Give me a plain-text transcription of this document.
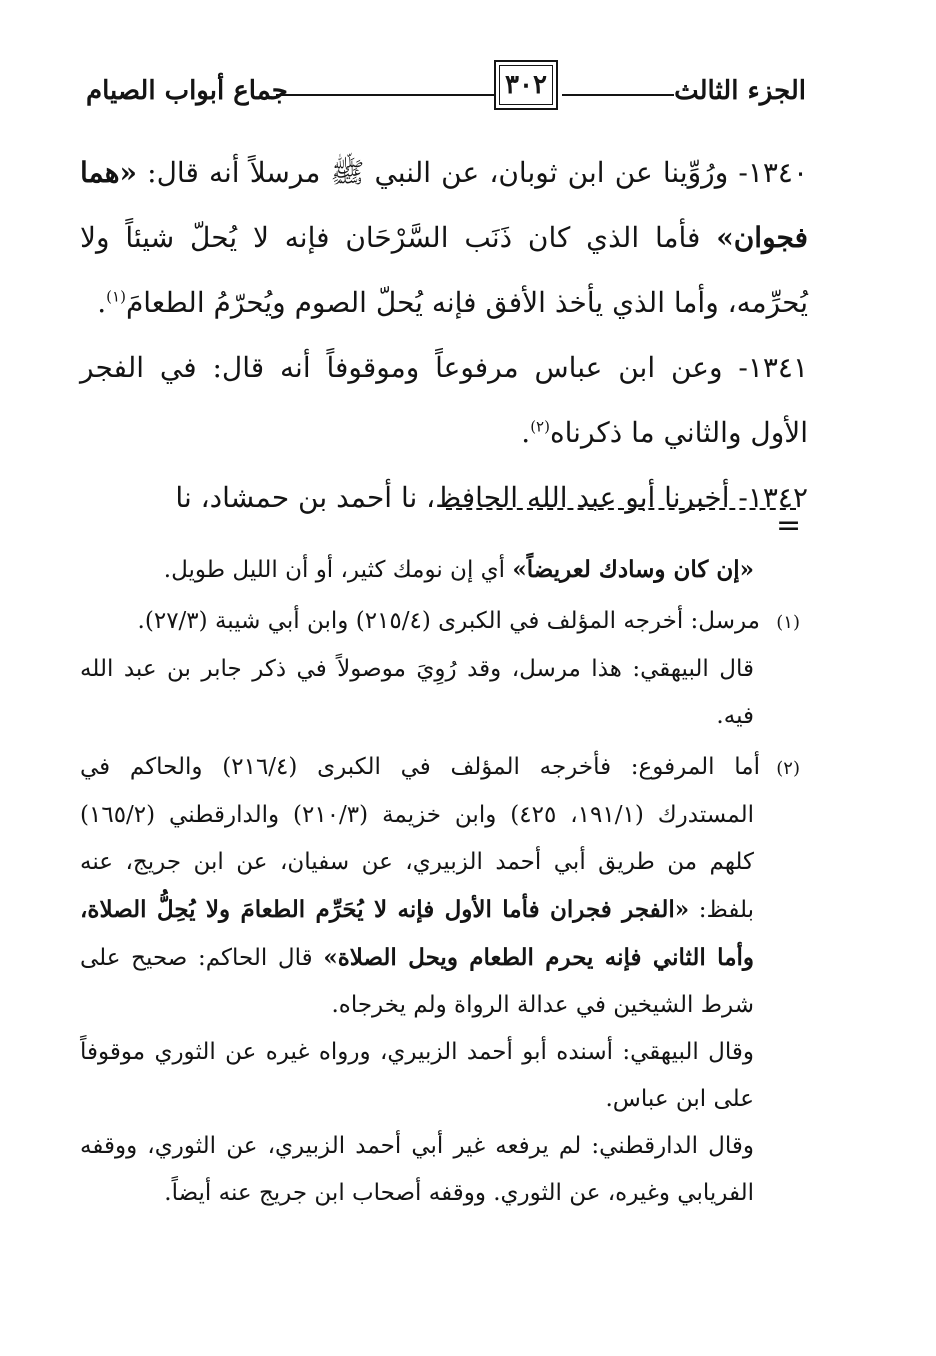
الجزء الثالث
٣٠٢
جماع أبواب الصيام

١٣٤٠- ورُوِّينا عن ابن ثوبان، عن النبي ﷺ مرسلاً أنه قال: «هما فجوان» فأما الذي كان ذَنَب السَّرْحَان فإنه لا يُحلّ شيئاً ولا يُحرِّمه، وأما الذي يأخذ الأفق فإنه يُحلّ الصوم ويُحرّمُ الطعامَ$^{(١)}$.

١٣٤١- وعن ابن عباس مرفوعاً وموقوفاً أنه قال: في الفجر الأول والثاني ما ذكرناه$^{(٢)}$.

١٣٤٢- أخبرنا أبو عبد الله الحافظ، نا أحمد بن حمشاد، نا

=

«إن كان وسادك لعريضاً» أي إن نومك كثير، أو أن الليل طويل.

(١)مرسل: أخرجه المؤلف في الكبرى (٢١٥/٤) وابن أبي شيبة (٢٧/٣).

قال البيهقي: هذا مرسل، وقد رُوِيَ موصولاً في ذكر جابر بن عبد الله فيه.

(٢)أما المرفوع: فأخرجه المؤلف في الكبرى (٢١٦/٤) والحاكم في المستدرك (١٩١/١، ٤٢٥) وابن خزيمة (٢١٠/٣) والدارقطني (١٦٥/٢) كلهم من طريق أبي أحمد الزبيري، عن سفيان، عن ابن جريج، عنه بلفظ: «الفجر فجران فأما الأول فإنه لا يُحَرِّم الطعامَ ولا يُحِلُّ الصلاة، وأما الثاني فإنه يحرم الطعام ويحل الصلاة» قال الحاكم: صحيح على شرط الشيخين في عدالة الرواة ولم يخرجاه.

وقال البيهقي: أسنده أبو أحمد الزبيري، ورواه غيره عن الثوري موقوفاً على ابن عباس.

وقال الدارقطني: لم يرفعه غير أبي أحمد الزبيري، عن الثوري، ووقفه الفريابي وغيره، عن الثوري. ووقفه أصحاب ابن جريج عنه أيضاً.
